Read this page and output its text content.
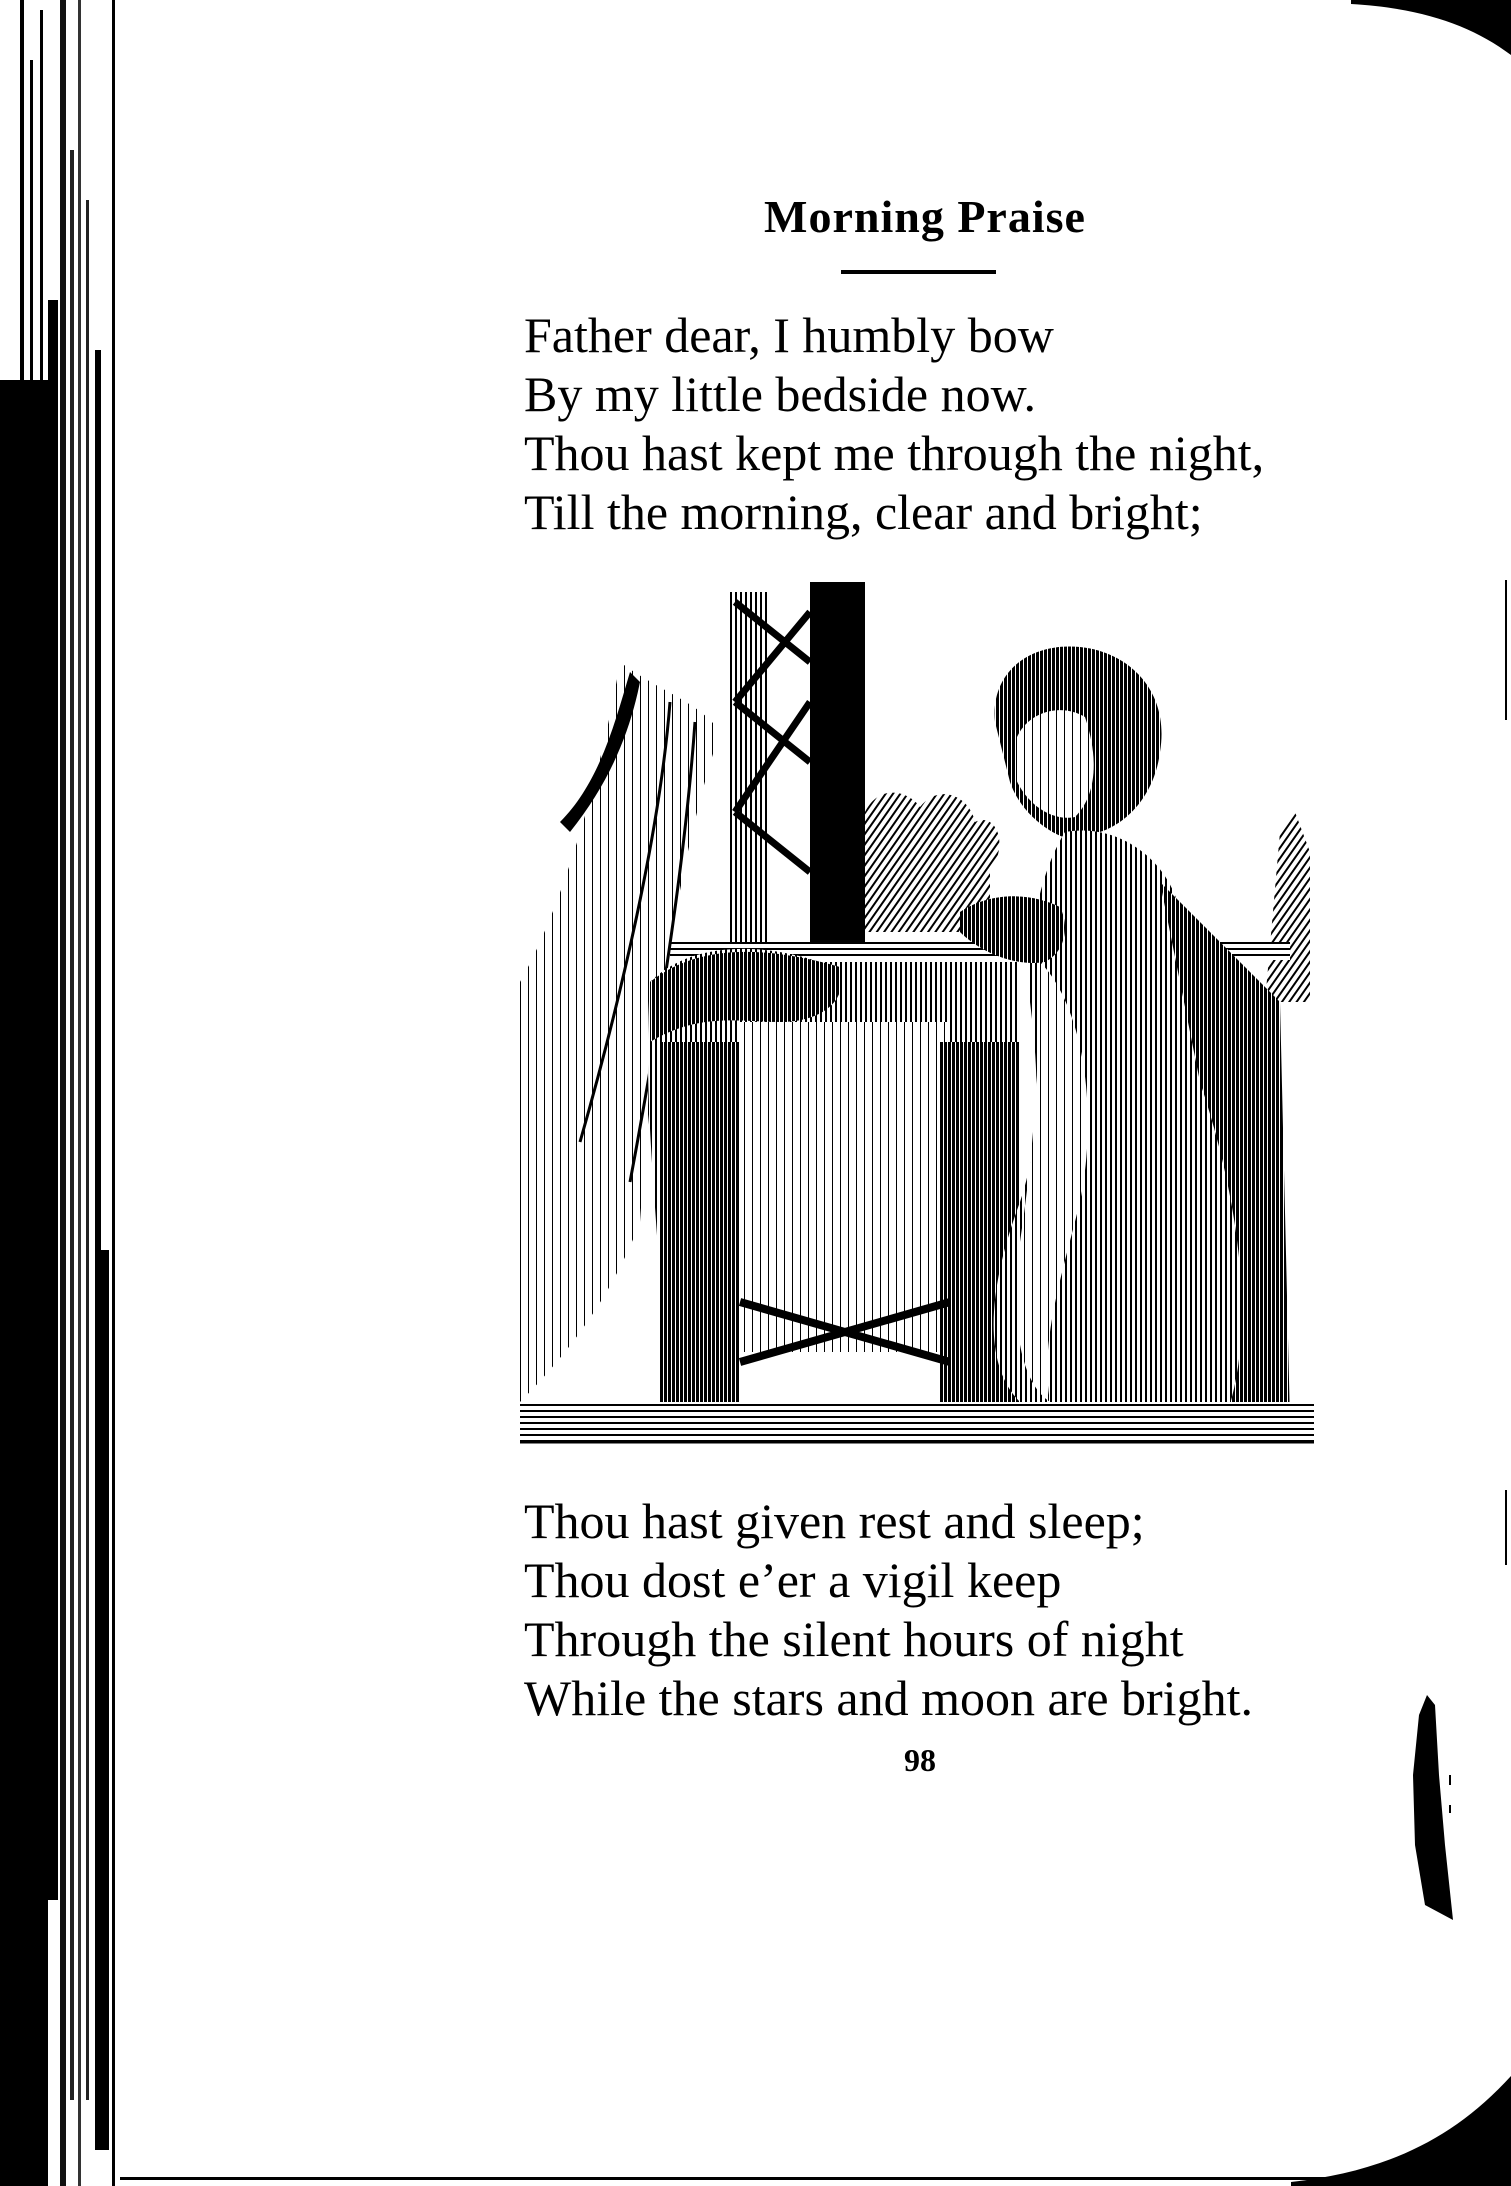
Morning Praise
Father dear, I humbly bow
By my little bedside now.
Thou hast kept me through the night,
Till the morning, clear and bright;
Thou hast given rest and sleep;
Thou dost e’er a vigil keep
Through the silent hours of night
While the stars and moon are bright.
98
